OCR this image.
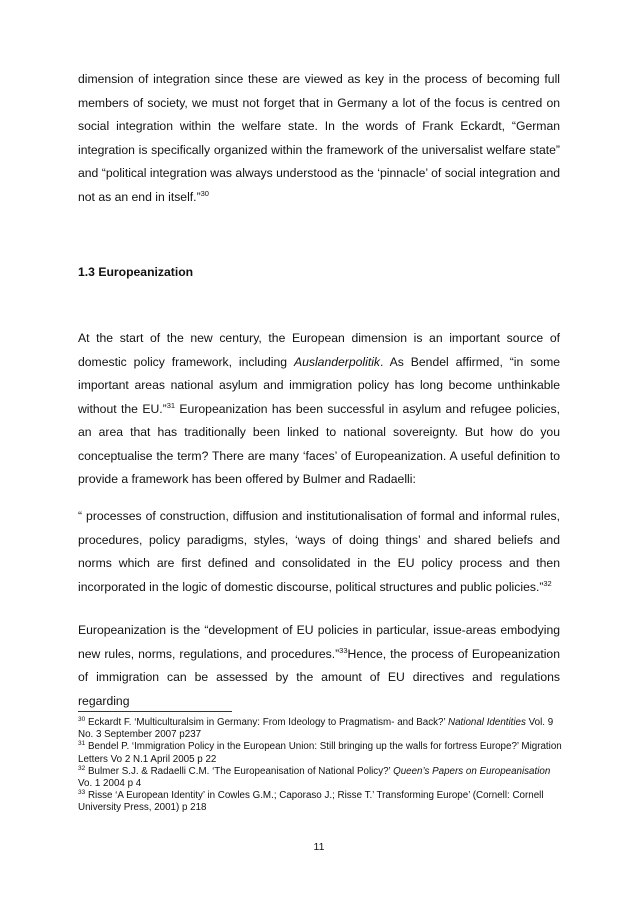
dimension of integration since these are viewed as key in the process of becoming full members of society, we must not forget that in Germany a lot of the focus is centred on social integration within the welfare state. In the words of Frank Eckardt, “German integration is specifically organized within the framework of the universalist welfare state” and “political integration was always understood as the ‘pinnacle’ of social integration and not as an end in itself.”$^{30}$

1.3 Europeanization

At the start of the new century, the European dimension is an important source of domestic policy framework, including Auslanderpolitik. As Bendel affirmed, “in some important areas national asylum and immigration policy has long become unthinkable without the EU.”$^{31}$ Europeanization has been successful in asylum and refugee policies, an area that has traditionally been linked to national sovereignty. But how do you conceptualise the term? There are many ‘faces’ of Europeanization. A useful definition to provide a framework has been offered by Bulmer and Radaelli:

“ processes of construction, diffusion and institutionalisation of formal and informal rules, procedures, policy paradigms, styles, ‘ways of doing things’ and shared beliefs and norms which are first defined and consolidated in the EU policy process and then incorporated in the logic of domestic discourse, political structures and public policies.”$^{32}$

Europeanization is the “development of EU policies in particular, issue-areas embodying new rules, norms, regulations, and procedures.”$^{33}$Hence, the process of Europeanization of immigration can be assessed by the amount of EU directives and regulations regarding

$^{30}$ Eckardt F. ‘Multiculturalsim in Germany: From Ideology to Pragmatism- and Back?’ National Identities Vol. 9 No. 3 September 2007 p237

$^{31}$ Bendel P. ‘Immigration Policy in the European Union: Still bringing up the walls for fortress Europe?’ Migration Letters Vo 2 N.1 April 2005 p 22

$^{32}$ Bulmer S.J. & Radaelli C.M. ‘The Europeanisation of National Policy?’ Queen’s Papers on Europeanisation Vo. 1 2004 p 4

$^{33}$ Risse ‘A European Identity’ in Cowles G.M.; Caporaso J.; Risse T.’ Transforming Europe’ (Cornell: Cornell University Press, 2001) p 218

11
